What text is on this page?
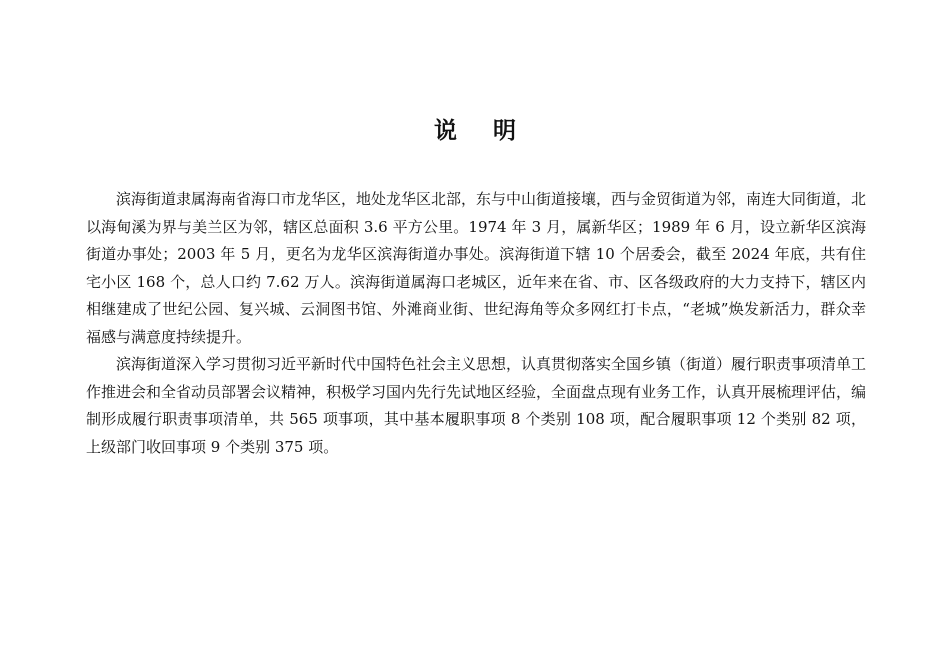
说 明

滨海街道隶属海南省海口市龙华区，地处龙华区北部，东与中山街道接壤，西与金贸街道为邻，南连大同街道，北以海甸溪为界与美兰区为邻，辖区总面积 3.6 平方公里。1974 年 3 月，属新华区；1989 年 6 月，设立新华区滨海街道办事处；2003 年 5 月，更名为龙华区滨海街道办事处。滨海街道下辖 10 个居委会，截至 2024 年底，共有住宅小区 168 个，总人口约 7.62 万人。滨海街道属海口老城区，近年来在省、市、区各级政府的大力支持下，辖区内相继建成了世纪公园、复兴城、云洞图书馆、外滩商业街、世纪海角等众多网红打卡点，“老城”焕发新活力，群众幸福感与满意度持续提升。

滨海街道深入学习贯彻习近平新时代中国特色社会主义思想，认真贯彻落实全国乡镇（街道）履行职责事项清单工作推进会和全省动员部署会议精神，积极学习国内先行先试地区经验，全面盘点现有业务工作，认真开展梳理评估，编制形成履行职责事项清单，共 565 项事项，其中基本履职事项 8 个类别 108 项，配合履职事项 12 个类别 82 项，上级部门收回事项 9 个类别 375 项。
